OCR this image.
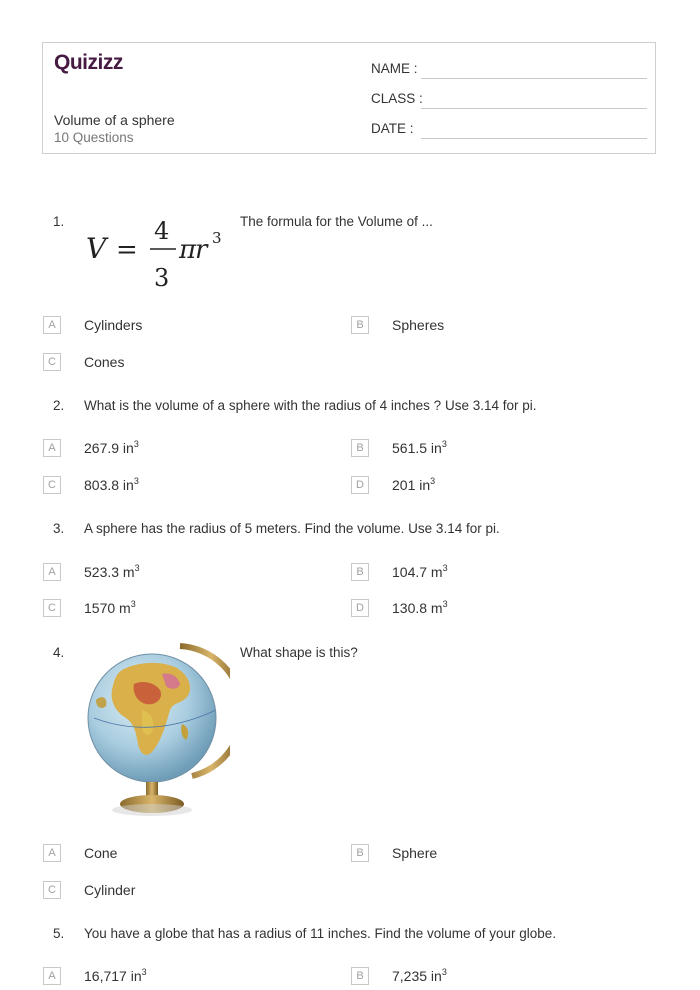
Quizizz
Volume of a sphere
10 Questions
NAME :
CLASS :
DATE :
1.
V =
4
3
π
r 3
The formula for the Volume of ...
A	Cylinders	B	Spheres
C	Cones
2. What is the volume of a sphere with the radius of 4 inches ? Use 3.14 for pi.
A	267.9 $in^3$	B	561.5 $in^3$
C	803.8 $in^3$	D	201 $in^3$
3. A sphere has the radius of 5 meters. Find the volume. Use 3.14 for pi.
A	523.3 $m^3$	B	104.7 $m^3$
C	1570 $m^3$	D	130.8 $m^3$
4.	What shape is this?
A	Cone	B	Sphere
C	Cylinder
5. You have a globe that has a radius of 11 inches. Find the volume of your globe.
A	16,717 $in^3$	B	7,235 $in^3$
